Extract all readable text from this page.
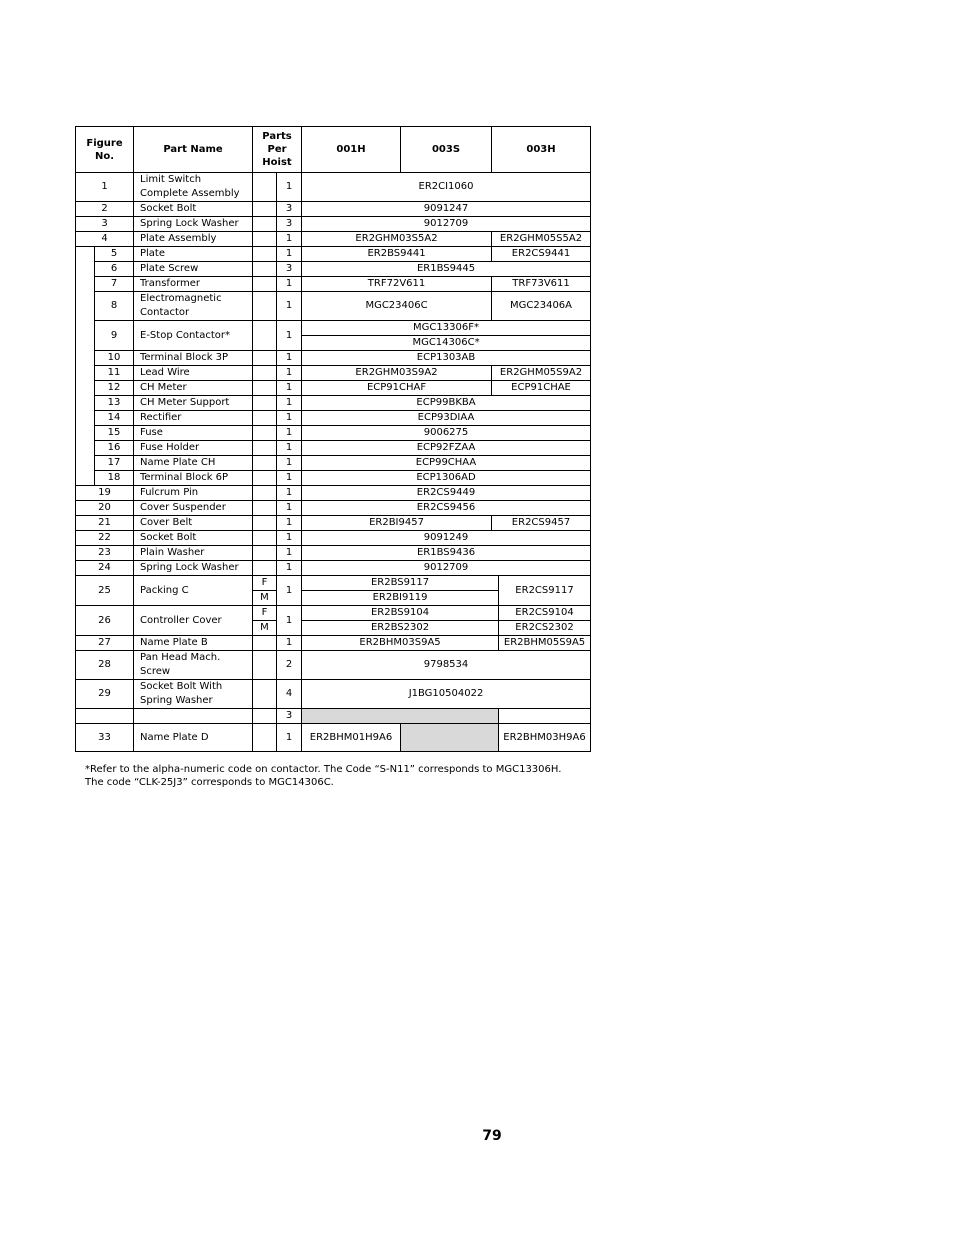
Figure No.		Part Name	Parts Per Hoist		001H	003S	003H	
1		Limit Switch Complete Assembly		1	ER2CI1060			
2		Socket Bolt		3	9091247			
3		Spring Lock Washer		3	9012709			
4		Plate Assembly		1	ER2GHM03S5A2		ER2GHM05S5A2	
	5	Plate		1	ER2BS9441		ER2CS9441	
	6	Plate Screw		3	ER1BS9445			
	7	Transformer		1	TRF72V611		TRF73V611	
	8	Electromagnetic Contactor		1	MGC23406C		MGC23406A	
	9	E-Stop Contactor*		1	MGC13306F*			
					MGC14306C*			
	10	Terminal Block 3P		1	ECP1303AB			
	11	Lead Wire		1	ER2GHM03S9A2		ER2GHM05S9A2	
	12	CH Meter		1	ECP91CHAF		ECP91CHAE	
	13	CH Meter Support		1	ECP99BKBA			
	14	Rectifier		1	ECP93DIAA			
	15	Fuse		1	9006275			
	16	Fuse Holder		1	ECP92FZAA			
	17	Name Plate CH		1	ECP99CHAA			
	18	Terminal Block 6P		1	ECP1306AD			
19		Fulcrum Pin		1	ER2CS9449			
20		Cover Suspender		1	ER2CS9456			
21		Cover Belt		1	ER2BI9457		ER2CS9457	
22		Socket Bolt		1	9091249			
23		Plain Washer		1	ER1BS9436			
24		Spring Lock Washer		1	9012709			
25		Packing C	F	1	ER2BS9117			ER2CS9117
			M		ER2BI9119			
26		Controller Cover	F	1	ER2BS9104			ER2CS9104
			M		ER2BS2302			ER2CS2302
27		Name Plate B		1	ER2BHM03S9A5			ER2BHM05S9A5
28		Pan Head Mach. Screw		2	9798534			
29		Socket Bolt With Spring Washer		4	J1BG10504022			
				3				
33		Name Plate D		1	ER2BHM01H9A6			ER2BHM03H9A6
*Refer to the alpha-numeric code on contactor. The Code “S-N11” corresponds to MGC13306H.
The code “CLK-25J3” corresponds to MGC14306C.
79
